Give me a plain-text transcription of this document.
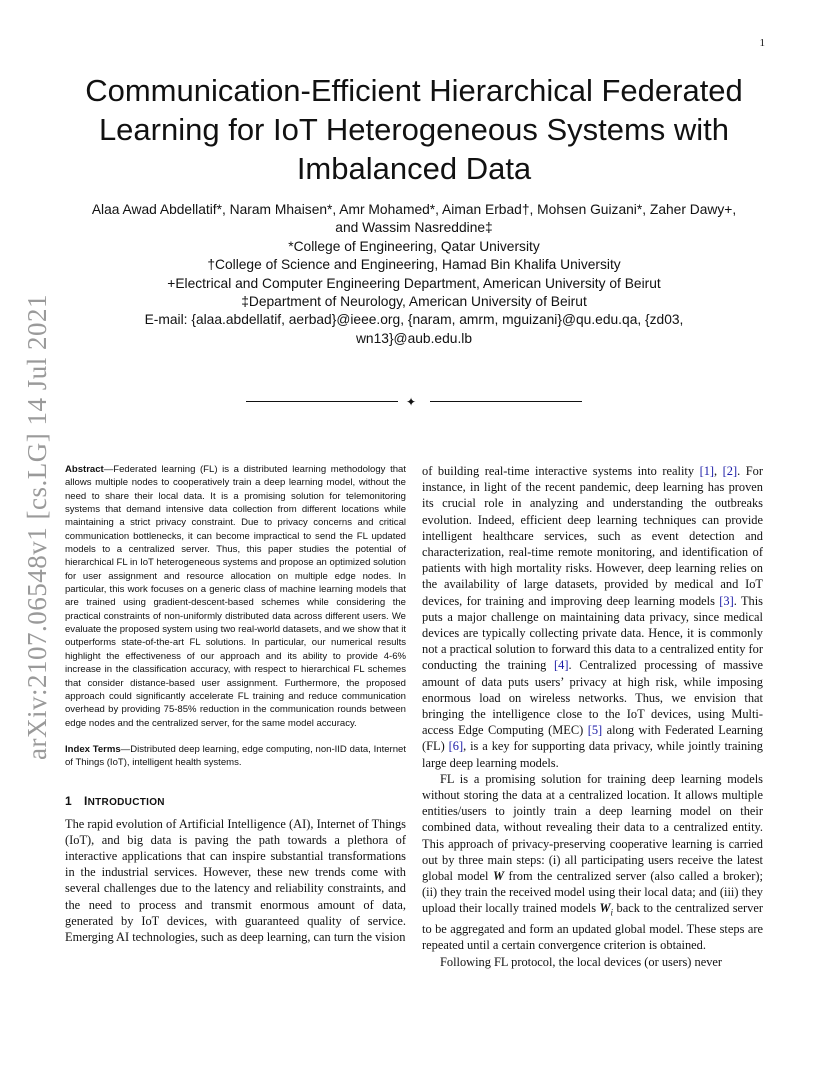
1
arXiv:2107.06548v1 [cs.LG] 14 Jul 2021
Communication-Efficient Hierarchical Federated Learning for IoT Heterogeneous Systems with Imbalanced Data
Alaa Awad Abdellatif*, Naram Mhaisen*, Amr Mohamed*, Aiman Erbad†, Mohsen Guizani*, Zaher Dawy+,
and Wassim Nasreddine‡
*College of Engineering, Qatar University
†College of Science and Engineering, Hamad Bin Khalifa University
+Electrical and Computer Engineering Department, American University of Beirut
‡Department of Neurology, American University of Beirut
E-mail: {alaa.abdellatif, aerbad}@ieee.org, {naram, amrm, mguizani}@qu.edu.qa, {zd03,
wn13}@aub.edu.lb
✦

Abstract—Federated learning (FL) is a distributed learning methodology that allows multiple nodes to cooperatively train a deep learning model, without the need to share their local data. It is a promising solution for telemonitoring systems that demand intensive data collection from different locations while maintaining a strict privacy constraint. Due to privacy concerns and critical communication bottlenecks, it can become impractical to send the FL updated models to a centralized server. Thus, this paper studies the potential of hierarchical FL in IoT heterogeneous systems and propose an optimized solution for user assignment and resource allocation on multiple edge nodes. In particular, this work focuses on a generic class of machine learning models that are trained using gradient-descent-based schemes while considering the practical constraints of non-uniformly distributed data across different users. We evaluate the proposed system using two real-world datasets, and we show that it outperforms state-of-the-art FL solutions. In particular, our numerical results highlight the effectiveness of our approach and its ability to provide 4-6% increase in the classification accuracy, with respect to hierarchical FL schemes that consider distance-based user assignment. Furthermore, the proposed approach could significantly accelerate FL training and reduce communication overhead by providing 75-85% reduction in the communication rounds between edge nodes and the centralized server, for the same model accuracy.

Index Terms—Distributed deep learning, edge computing, non-IID data, Internet of Things (IoT), intelligent health systems.

1 INTRODUCTION

The rapid evolution of Artificial Intelligence (AI), Internet of Things (IoT), and big data is paving the path towards a plethora of interactive applications that can inspire substantial transformations in the industrial services. However, these new trends come with several challenges due to the latency and reliability constraints, and the need to process and transmit enormous amount of data, generated by IoT devices, with guaranteed quality of service. Emerging AI technologies, such as deep learning, can turn the vision

of building real-time interactive systems into reality [1], [2]. For instance, in light of the recent pandemic, deep learning has proven its crucial role in analyzing and understanding the outbreaks evolution. Indeed, efficient deep learning techniques can provide intelligent healthcare services, such as event detection and characterization, real-time remote monitoring, and identification of patients with high mortality risks. However, deep learning relies on the availability of large datasets, provided by medical and IoT devices, for training and improving deep learning models [3]. This puts a major challenge on maintaining data privacy, since medical devices are typically collecting private data. Hence, it is commonly not a practical solution to forward this data to a centralized entity for conducting the training [4]. Centralized processing of massive amount of data puts users’ privacy at high risk, while imposing enormous load on wireless networks. Thus, we envision that bringing the intelligence close to the IoT devices, using Multi-access Edge Computing (MEC) [5] along with Federated Learning (FL) [6], is a key for supporting data privacy, while jointly training large deep learning models.

FL is a promising solution for training deep learning models without storing the data at a centralized location. It allows multiple entities/users to jointly train a deep learning model on their combined data, without revealing their data to a centralized entity. This approach of privacy-preserving cooperative learning is carried out by three main steps: (i) all participating users receive the latest global model W from the centralized server (also called a broker); (ii) they train the received model using their local data; and (iii) they upload their locally trained models $W_i$ back to the centralized server to be aggregated and form an updated global model. These steps are repeated until a certain convergence criterion is obtained.

Following FL protocol, the local devices (or users) never
